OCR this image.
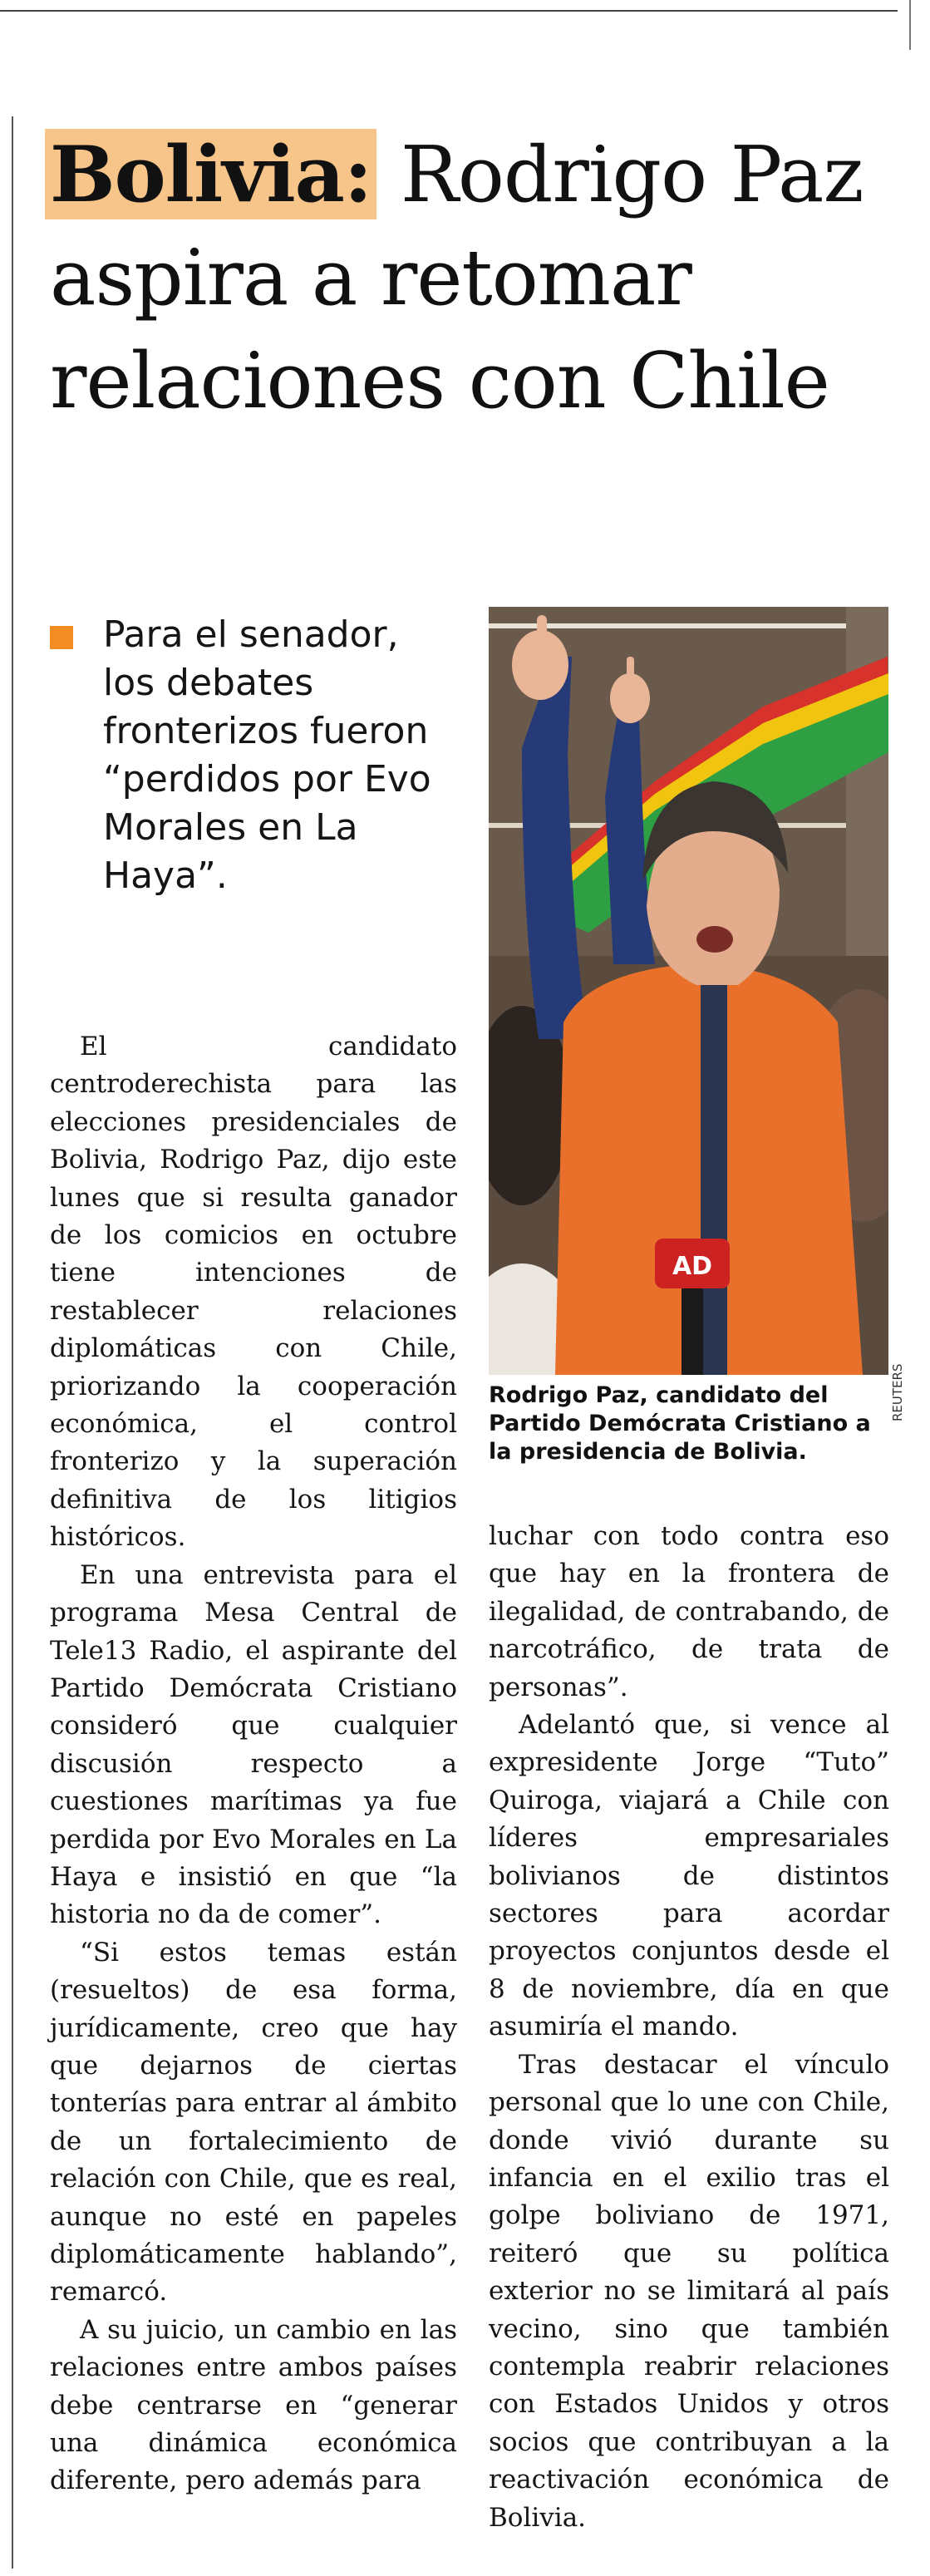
Bolivia: Rodrigo Paz aspira a retomar relaciones con Chile

Para el senador, los debates fronterizos fueron “perdidos por Evo Morales en La Haya”.

AD
REUTERS

Rodrigo Paz, candidato del Partido Demócrata Cristiano a la presidencia de Bolivia.

El candidato centroderechista para las elecciones presidenciales de Bolivia, Rodrigo Paz, dijo este lunes que si resulta ganador de los comicios en octubre tiene intenciones de restablecer relaciones diplomáticas con Chile, priorizando la cooperación económica, el control fronterizo y la superación definitiva de los litigios históricos.

En una entrevista para el programa Mesa Central de Tele13 Radio, el aspirante del Partido Demócrata Cristiano consideró que cualquier discusión respecto a cuestiones marítimas ya fue perdida por Evo Morales en La Haya e insistió en que “la historia no da de comer”.

“Si estos temas están (resueltos) de esa forma, jurídicamente, creo que hay que dejarnos de ciertas tonterías para entrar al ámbito de un fortalecimiento de relación con Chile, que es real, aunque no esté en papeles diplomáticamente hablando”, remarcó.

A su juicio, un cambio en las relaciones entre ambos países debe centrarse en “generar una dinámica económica diferente, pero además para

luchar con todo contra eso que hay en la frontera de ilegalidad, de contrabando, de narcotráfico, de trata de personas”.

Adelantó que, si vence al expresidente Jorge “Tuto” Quiroga, viajará a Chile con líderes empresariales bolivianos de distintos sectores para acordar proyectos conjuntos desde el 8 de noviembre, día en que asumiría el mando.

Tras destacar el vínculo personal que lo une con Chile, donde vivió durante su infancia en el exilio tras el golpe boliviano de 1971, reiteró que su política exterior no se limitará al país vecino, sino que también contempla reabrir relaciones con Estados Unidos y otros socios que contribuyan a la reactivación económica de Bolivia.
